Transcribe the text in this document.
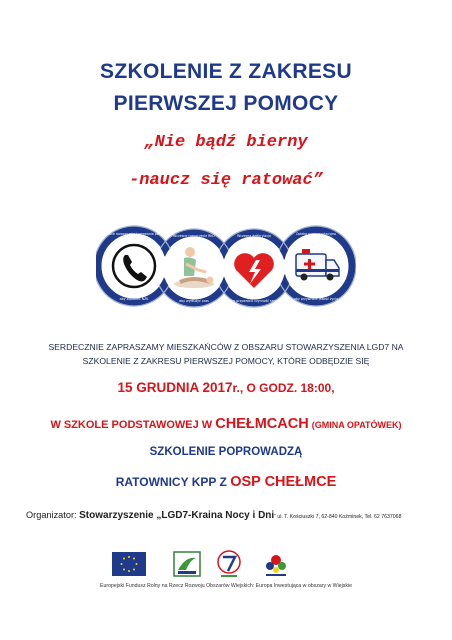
SZKOLENIE Z ZAKRESU
PIERWSZEJ POMOCY
„Nie bądź bierny
-naucz się ratować”
Wczesne rozpoznanie i wezwanie pomocy
aby zapobiec NZK
Wczesne rozpoczęcie RKO
aby wydłużyć czas
Wczesna defibrylacja
aby przywrócić czynność serca
Opieka poresuscytacyjna
aby przywrócić jakość życia
SERDECZNIE ZAPRASZAMY MIESZKAŃCÓW Z OBSZARU STOWARZYSZENIA LGD7 NA
SZKOLENIE Z ZAKRESU PIERWSZEJ POMOCY, KTÓRE ODBĘDZIE SIĘ
15 GRUDNIA 2017r., O GODZ. 18:00,
W SZKOLE PODSTAWOWEJ W CHEŁMCACH (GMINA OPATÓWEK)
SZKOLENIE POPROWADZĄ
RATOWNICY KPP Z OSP CHEŁMCE
Organizator: Stowarzyszenie „LGD7-Kraina Nocy i Dni” ul. T. Kościuszki 7, 62-840 Koźminek, Tel. 62 7637068
Europejski Fundusz Rolny na Rzecz Rozwoju Obszarów Wiejskich: Europa Inwestująca w obszary w Wiejskie
